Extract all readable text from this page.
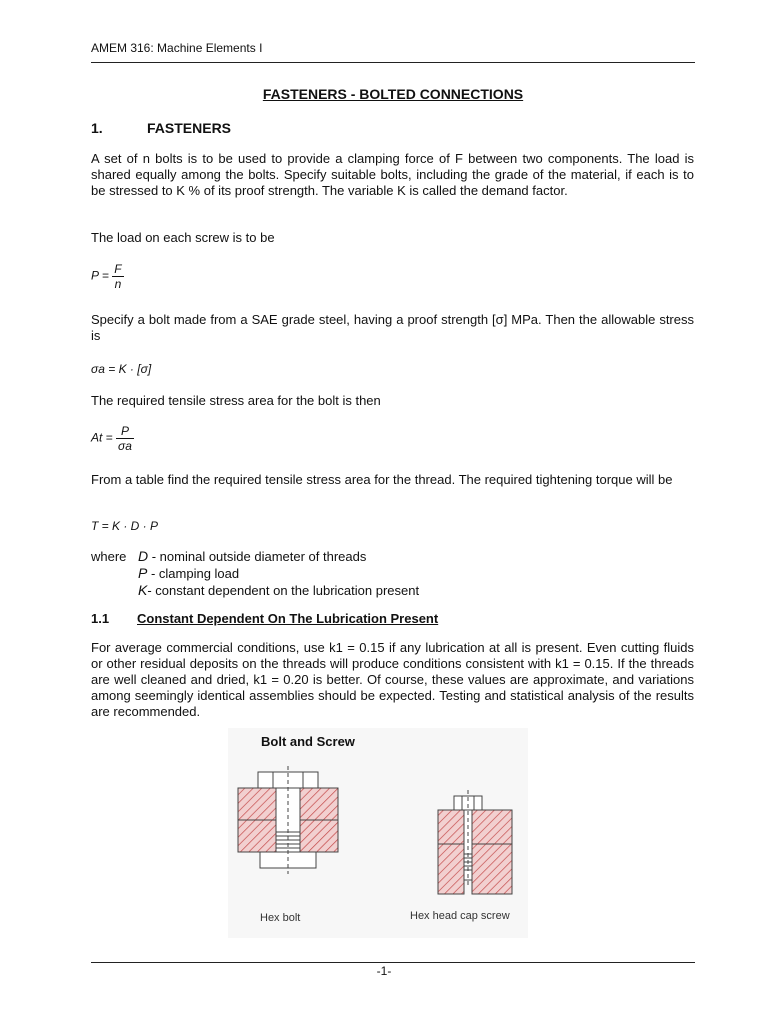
AMEM 316: Machine Elements I
FASTENERS - BOLTED CONNECTIONS
1.	FASTENERS
A set of n bolts is to be used to provide a clamping force of F between two components. The load is shared equally among the bolts. Specify suitable bolts, including the grade of the material, if each is to be stressed to K % of its proof strength. The variable K is called the demand factor.
The load on each screw is to be
$P = \frac{F}{n}$
Specify a bolt made from a SAE grade steel, having a proof strength [σ] MPa. Then the allowable stress is
σa = K · [σ]
The required tensile stress area for the bolt is then
$At = \frac{P}{\sigma a}$
From a table find the required tensile stress area for the thread. The required tightening torque will be
T = K · D · P
where D - nominal outside diameter of threads
P - clamping load
K- constant dependent on the lubrication present
1.1 Constant Dependent On The Lubrication Present
For average commercial conditions, use k1 = 0.15 if any lubrication at all is present. Even cutting fluids or other residual deposits on the threads will produce conditions consistent with k1 = 0.15. If the threads are well cleaned and dried, k1 = 0.20 is better. Of course, these values are approximate, and variations among seemingly identical assemblies should be expected. Testing and statistical analysis of the results are recommended.
Bolt and Screw
Hex bolt	Hex head cap screw
-1-
